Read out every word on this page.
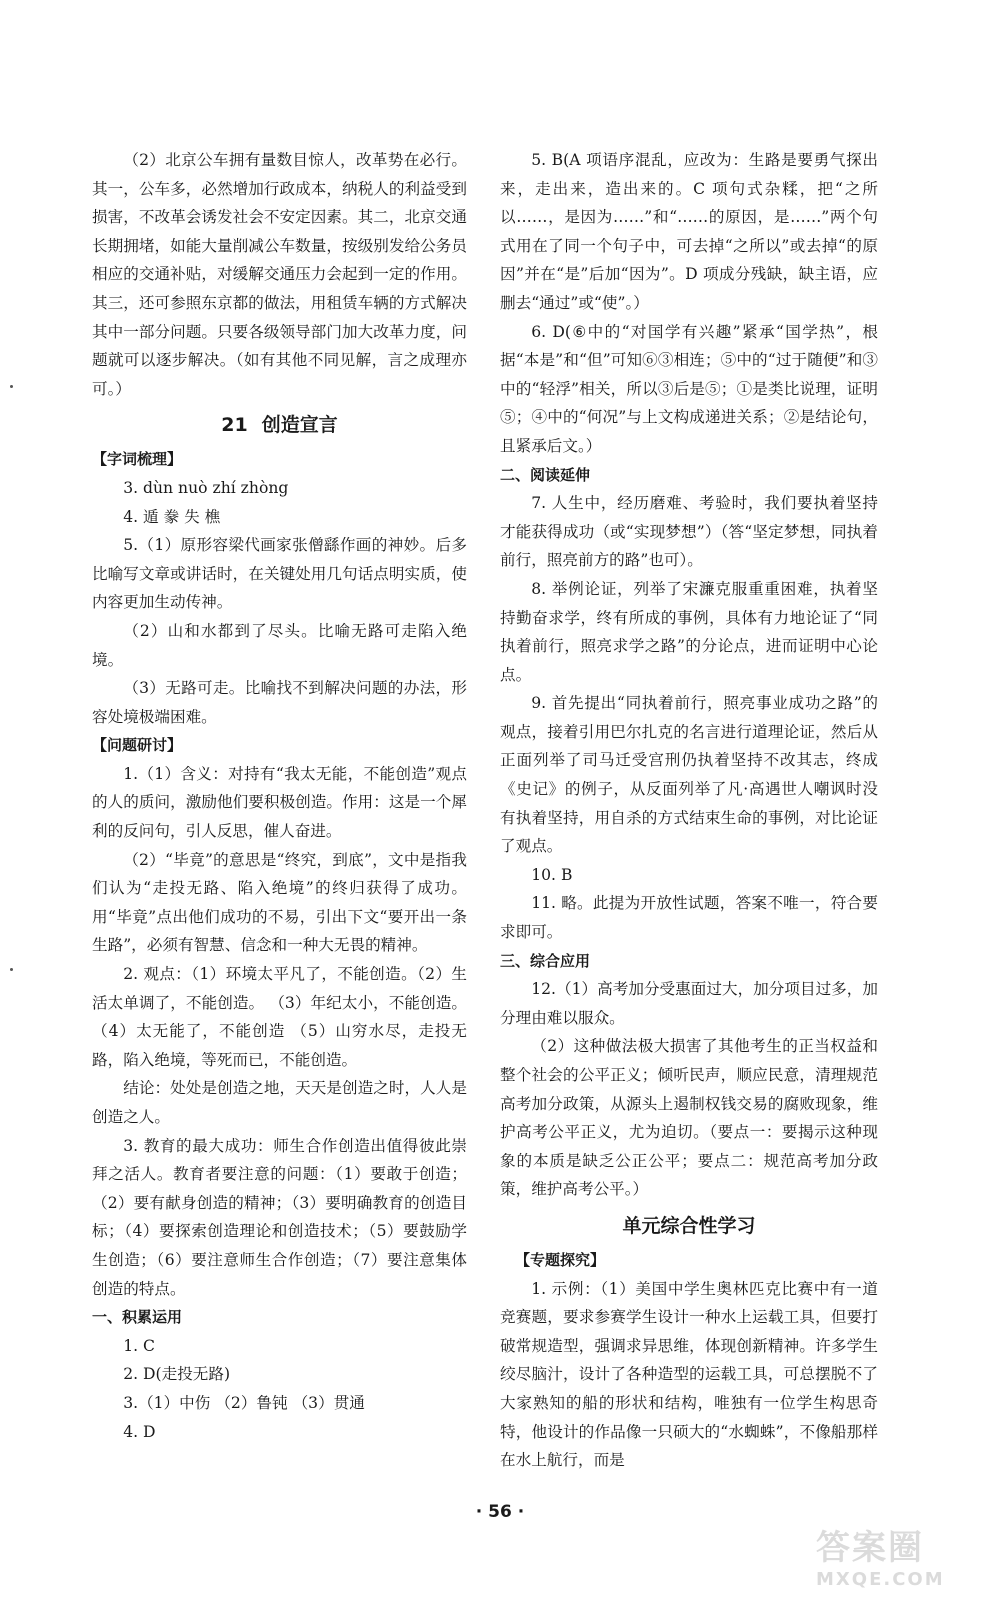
（2）北京公车拥有量数目惊人，改革势在必行。其一，公车多，必然增加行政成本，纳税人的利益受到损害，不改革会诱发社会不安定因素。其二，北京交通长期拥堵，如能大量削减公车数量，按级别发给公务员相应的交通补贴，对缓解交通压力会起到一定的作用。其三，还可参照东京都的做法，用租赁车辆的方式解决其中一部分问题。只要各级领导部门加大改革力度，问题就可以逐步解决。（如有其他不同见解，言之成理亦可。）

21 创造宣言

【字词梳理】

3. dùn nuò zhí zhòng

4. 遁 豢 失 樵

5.（1）原形容梁代画家张僧繇作画的神妙。后多比喻写文章或讲话时，在关键处用几句话点明实质，使内容更加生动传神。

（2）山和水都到了尽头。比喻无路可走陷入绝境。

（3）无路可走。比喻找不到解决问题的办法，形容处境极端困难。

【问题研讨】

1.（1）含义：对持有“我太无能，不能创造”观点的人的质问，激励他们要积极创造。作用：这是一个犀利的反问句，引人反思，催人奋进。

（2）“毕竟”的意思是“终究，到底”，文中是指我们认为“走投无路、陷入绝境”的终归获得了成功。用“毕竟”点出他们成功的不易，引出下文“要开出一条生路”，必须有智慧、信念和一种大无畏的精神。

2. 观点：（1）环境太平凡了，不能创造。（2）生活太单调了，不能创造。 （3）年纪太小，不能创造。 （4）太无能了，不能创造 （5）山穷水尽，走投无路，陷入绝境，等死而已，不能创造。

结论：处处是创造之地，天天是创造之时，人人是创造之人。

3. 教育的最大成功：师生合作创造出值得彼此崇拜之活人。教育者要注意的问题：（1）要敢于创造；（2）要有献身创造的精神；（3）要明确教育的创造目标；（4）要探索创造理论和创造技术；（5）要鼓励学生创造；（6）要注意师生合作创造；（7）要注意集体创造的特点。

一、积累运用

1. C

2. D(走投无路)

3.（1）中伤 （2）鲁钝 （3）贯通

4. D

5. B(A 项语序混乱，应改为：生路是要勇气探出来，走出来，造出来的。C 项句式杂糅，把“之所以……，是因为……”和“……的原因，是……”两个句式用在了同一个句子中，可去掉“之所以”或去掉“的原因”并在“是”后加“因为”。D 项成分残缺，缺主语，应删去“通过”或“使”。）

6. D(⑥中的“对国学有兴趣”紧承“国学热”，根据“本是”和“但”可知⑥③相连；⑤中的“过于随便”和③中的“轻浮”相关，所以③后是⑤；①是类比说理，证明⑤；④中的“何况”与上文构成递进关系；②是结论句，且紧承后文。）

二、阅读延伸

7. 人生中，经历磨难、考验时，我们要执着坚持才能获得成功（或“实现梦想”）（答“坚定梦想，同执着前行，照亮前方的路”也可）。

8. 举例论证，列举了宋濂克服重重困难，执着坚持勤奋求学，终有所成的事例，具体有力地论证了“同执着前行，照亮求学之路”的分论点，进而证明中心论点。

9. 首先提出“同执着前行，照亮事业成功之路”的观点，接着引用巴尔扎克的名言进行道理论证，然后从正面列举了司马迁受宫刑仍执着坚持不改其志，终成《史记》的例子，从反面列举了凡·高遇世人嘲讽时没有执着坚持，用自杀的方式结束生命的事例，对比论证了观点。

10. B

11. 略。此提为开放性试题，答案不唯一，符合要求即可。

三、综合应用

12.（1）高考加分受惠面过大，加分项目过多，加分理由难以服众。

（2）这种做法极大损害了其他考生的正当权益和整个社会的公平正义；倾听民声，顺应民意，清理规范高考加分政策，从源头上遏制权钱交易的腐败现象，维护高考公平正义，尤为迫切。（要点一：要揭示这种现象的本质是缺乏公正公平；要点二：规范高考加分政策，维护高考公平。）

单元综合性学习

【专题探究】

1. 示例：（1）美国中学生奥林匹克比赛中有一道竞赛题，要求参赛学生设计一种水上运载工具，但要打破常规造型，强调求异思维，体现创新精神。许多学生绞尽脑汁，设计了各种造型的运载工具，可总摆脱不了大家熟知的船的形状和结构，唯独有一位学生构思奇特，他设计的作品像一只硕大的“水蜘蛛”，不像船那样在水上航行，而是

· 56 ·
答案圈
MXQE.COM
